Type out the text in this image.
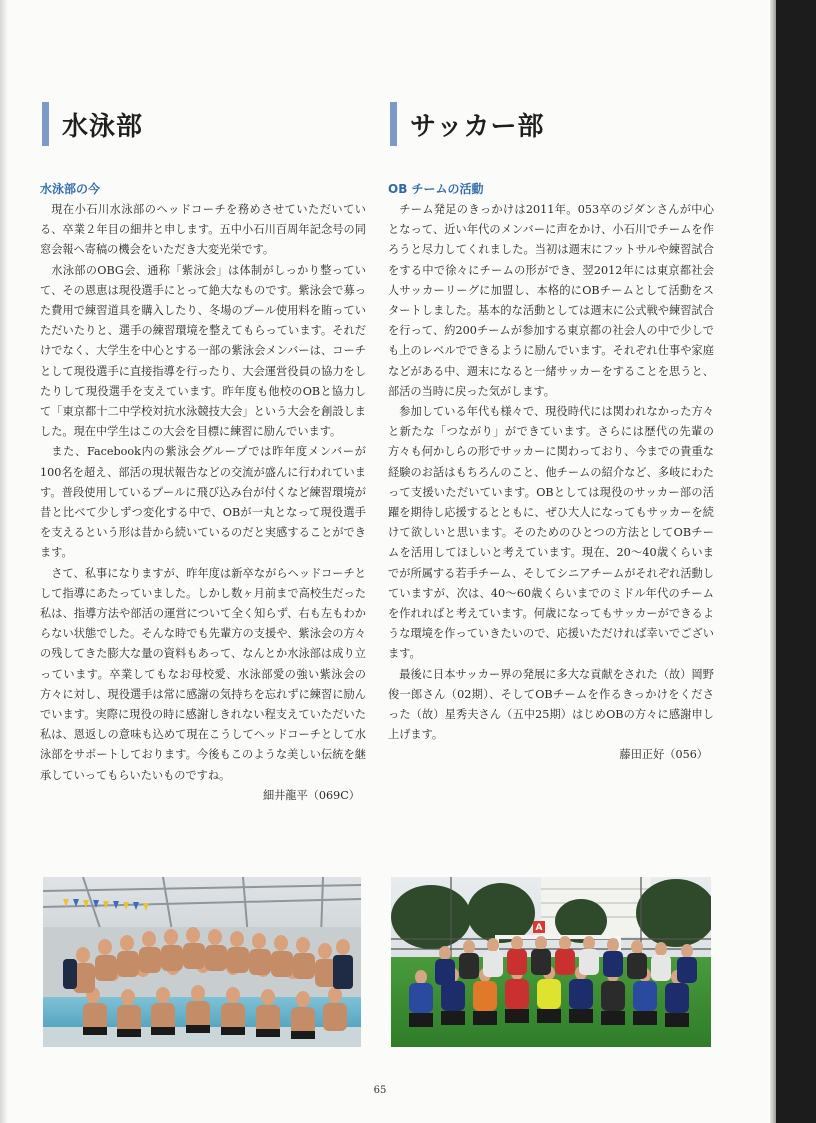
水泳部

水泳部の今

現在小石川水泳部のヘッドコーチを務めさせていただいている、卒業２年目の細井と申します。五中小石川百周年記念号の同窓会報へ寄稿の機会をいただき大変光栄です。

水泳部のOBG会、通称「紫泳会」は体制がしっかり整っていて、その恩恵は現役選手にとって絶大なものです。紫泳会で募った費用で練習道具を購入したり、冬場のプール使用料を賄っていただいたりと、選手の練習環境を整えてもらっています。それだけでなく、大学生を中心とする一部の紫泳会メンバーは、コーチとして現役選手に直接指導を行ったり、大会運営役員の協力をしたりして現役選手を支えています。昨年度も他校のOBと協力して「東京都十二中学校対抗水泳競技大会」という大会を創設しました。現在中学生はこの大会を目標に練習に励んでいます。

また、Facebook内の紫泳会グループでは昨年度メンバーが100名を超え、部活の現状報告などの交流が盛んに行われています。普段使用しているプールに飛び込み台が付くなど練習環境が昔と比べて少しずつ変化する中で、OBが一丸となって現役選手を支えるという形は昔から続いているのだと実感することができます。

さて、私事になりますが、昨年度は新卒ながらヘッドコーチとして指導にあたっていました。しかし数ヶ月前まで高校生だった私は、指導方法や部活の運営について全く知らず、右も左もわからない状態でした。そんな時でも先輩方の支援や、紫泳会の方々の残してきた膨大な量の資料もあって、なんとか水泳部は成り立っています。卒業してもなお母校愛、水泳部愛の強い紫泳会の方々に対し、現役選手は常に感謝の気持ちを忘れずに練習に励んでいます。実際に現役の時に感謝しきれない程支えていただいた私は、恩返しの意味も込めて現在こうしてヘッドコーチとして水泳部をサポートしております。今後もこのような美しい伝統を継承していってもらいたいものですね。

細井龍平（069C）

サッカー部

OB チームの活動

チーム発足のきっかけは2011年。053卒のジダンさんが中心となって、近い年代のメンバーに声をかけ、小石川でチームを作ろうと尽力してくれました。当初は週末にフットサルや練習試合をする中で徐々にチームの形ができ、翌2012年には東京都社会人サッカーリーグに加盟し、本格的にOBチームとして活動をスタートしました。基本的な活動としては週末に公式戦や練習試合を行って、約200チームが参加する東京都の社会人の中で少しでも上のレベルでできるように励んでいます。それぞれ仕事や家庭などがある中、週末になると一緒サッカーをすることを思うと、部活の当時に戻った気がします。

参加している年代も様々で、現役時代には関われなかった方々と新たな「つながり」ができています。さらには歴代の先輩の方々も何かしらの形でサッカーに関わっており、今までの貴重な経験のお話はもちろんのこと、他チームの紹介など、多岐にわたって支援いただいています。OBとしては現役のサッカー部の活躍を期待し応援するとともに、ぜひ大人になってもサッカーを続けて欲しいと思います。そのためのひとつの方法としてOBチームを活用してほしいと考えています。現在、20～40歳くらいまでが所属する若手チーム、そしてシニアチームがそれぞれ活動していますが、次は、40～60歳くらいまでのミドル年代のチームを作れればと考えています。何歳になってもサッカーができるような環境を作っていきたいので、応援いただければ幸いでございます。

最後に日本サッカー界の発展に多大な貢献をされた（故）岡野俊一郎さん（02期）、そしてOBチームを作るきっかけをくださった（故）星秀夫さん（五中25期）はじめOBの方々に感謝申し上げます。

藤田正好（056）

A
65
